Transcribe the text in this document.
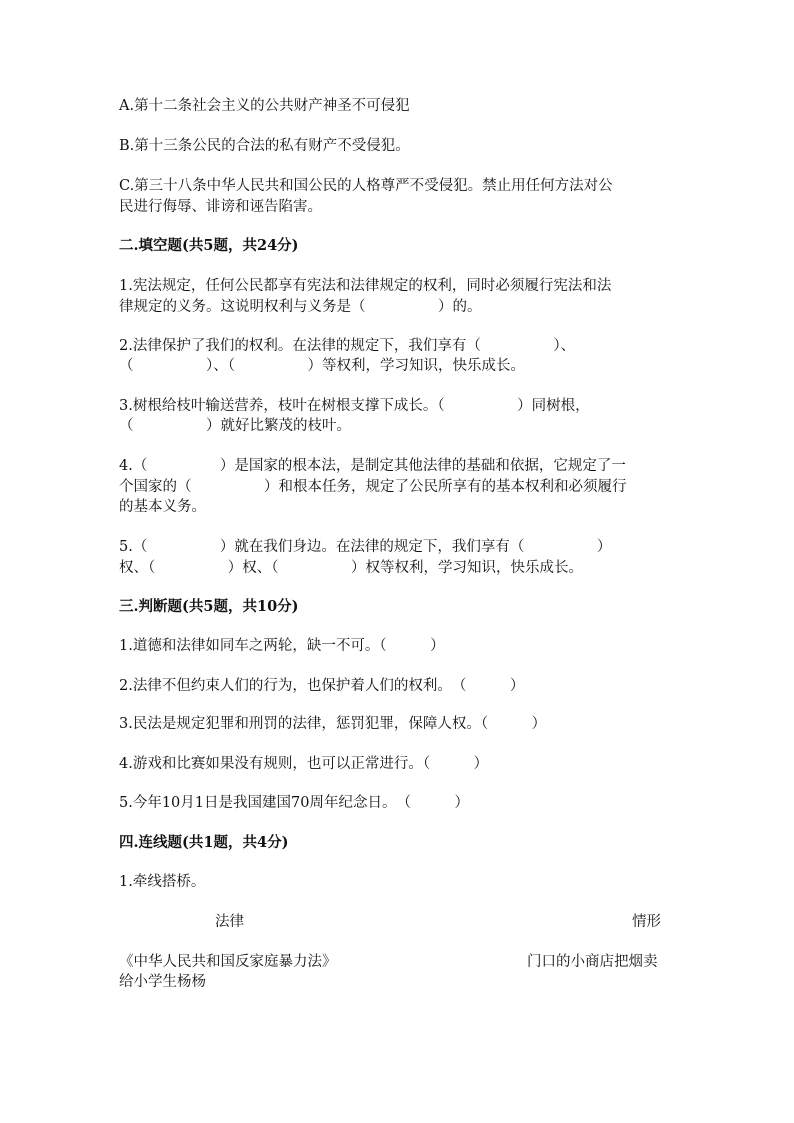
A.第十二条社会主义的公共财产神圣不可侵犯
B.第十三条公民的合法的私有财产不受侵犯。
C.第三十八条中华人民共和国公民的人格尊严不受侵犯。禁止用任何方法对公
民进行侮辱、诽谤和诬告陷害。
二.填空题(共5题，共24分)
1.宪法规定，任何公民都享有宪法和法律规定的权利，同时必须履行宪法和法
律规定的义务。这说明权利与义务是（　　　　　）的。
2.法律保护了我们的权利。在法律的规定下，我们享有（　　　　　）、
（　　　　　）、（　　　　　）等权利，学习知识，快乐成长。
3.树根给枝叶输送营养，枝叶在树根支撑下成长。（　　　　　）同树根，
（　　　　　）就好比繁茂的枝叶。
4.（　　　　　）是国家的根本法，是制定其他法律的基础和依据，它规定了一
个国家的（　　　　　）和根本任务，规定了公民所享有的基本权利和必须履行
的基本义务。
5.（　　　　　）就在我们身边。在法律的规定下，我们享有（　　　　　）
权、（　　　　　）权、（　　　　　）权等权利，学习知识，快乐成长。
三.判断题(共5题，共10分)
1.道德和法律如同车之两轮，缺一不可。（　　　）
2.法律不但约束人们的行为，也保护着人们的权利。　（　　　）
3.民法是规定犯罪和刑罚的法律，惩罚犯罪，保障人权。（　　　）
4.游戏和比赛如果没有规则，也可以正常进行。（　　　）
5.今年10月1日是我国建国70周年纪念日。　（　　　）
四.连线题(共1题，共4分)
1.牵线搭桥。
法律	情形
《中华人民共和国反家庭暴力法》	门口的小商店把烟卖
给小学生杨杨
